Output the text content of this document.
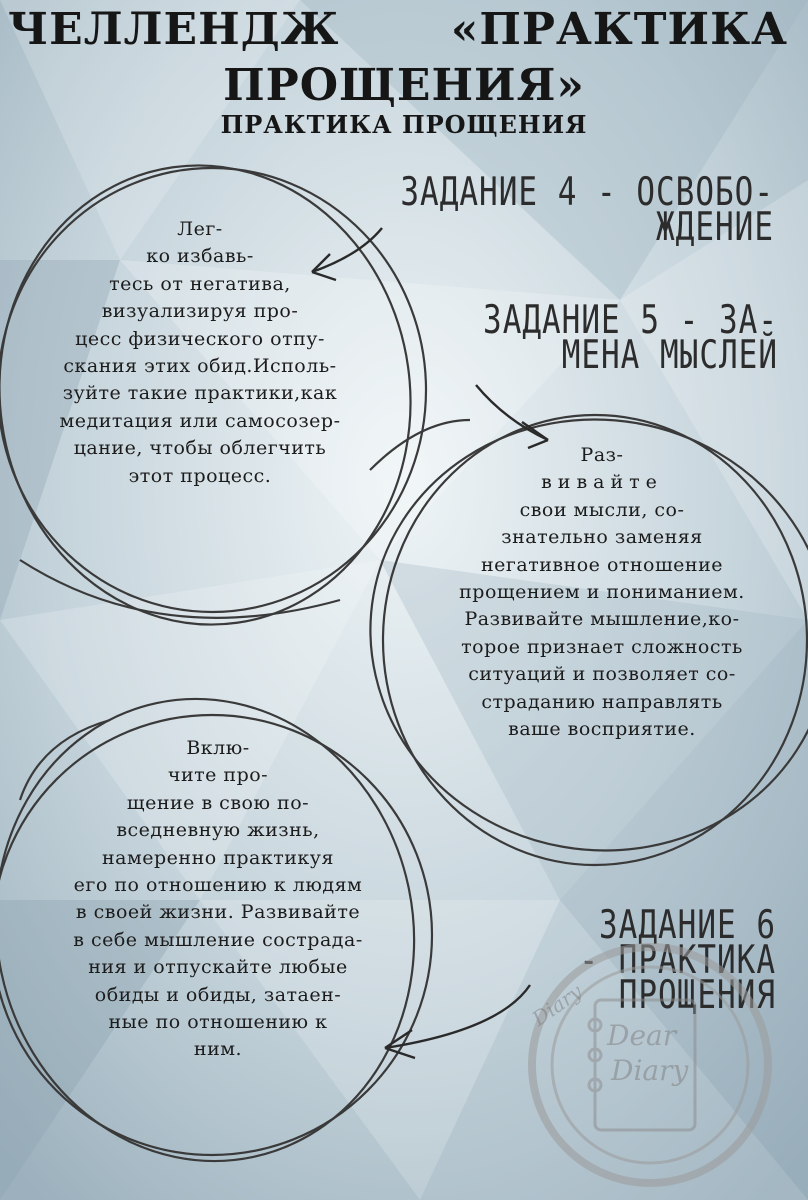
ЧЕЛЛЕНДЖ	«ПРАКТИКА
ПРОЩЕНИЯ»
ПРАКТИКА ПРОЩЕНИЯ
ЗАДАНИЕ 4 - ОСВОБО-
ЖДЕНИЕ
ЗАДАНИЕ 5 - ЗА-
МЕНА МЫСЛЕЙ
ЗАДАНИЕ 6
- ПРАКТИКА
ПРОЩЕНИЯ
Лег-
ко избавь-
тесь от негатива,
визуализируя про-
цесс физического отпу-
скания этих обид.Исполь-
зуйте такие практики,как
медитация или самосозер-
цание, чтобы облегчить
этот процесс.
Раз-
вивайте
свои мысли, со-
знательно заменяя
негативное отношение
прощением и пониманием.
Развивайте мышление,ко-
торое признает сложность
ситуаций и позволяет со-
страданию направлять
ваше восприятие.
Вклю-
чите про-
щение в свою по-
вседневную жизнь,
намеренно практикуя
его по отношению к людям
в своей жизни. Развивайте
в себе мышление сострада-
ния и отпускайте любые
обиды и обиды, затаен-
ные по отношению к
ним.	Dear
Diary
Diary
